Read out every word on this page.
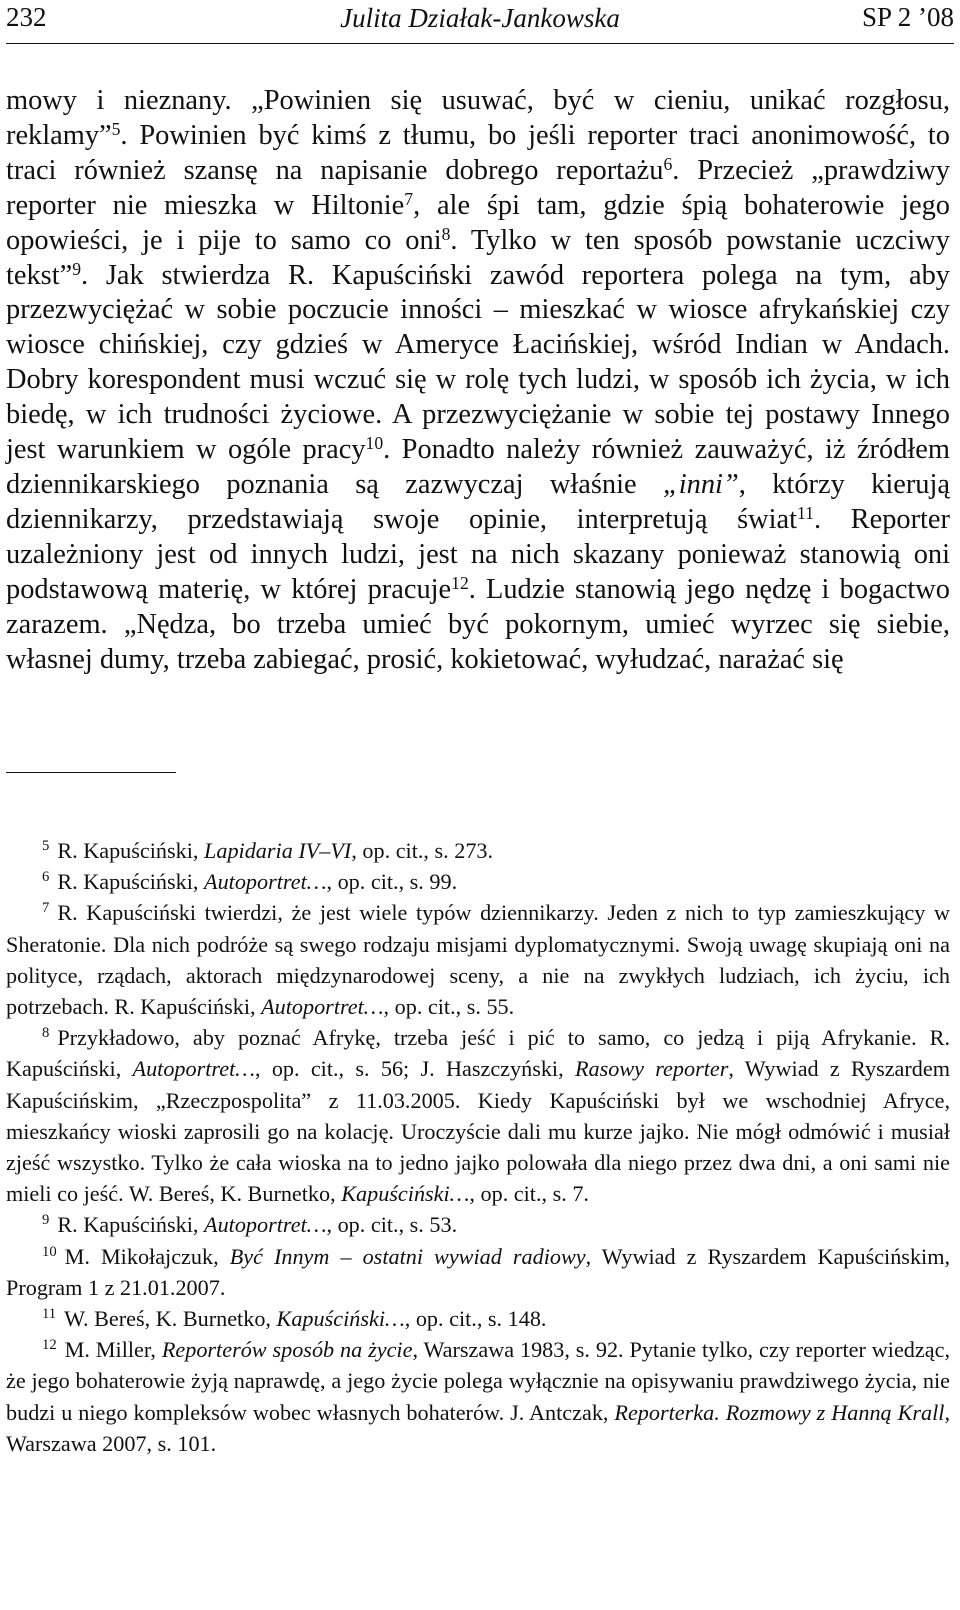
232	Julita Działak-Jankowska	SP 2 ’08

mowy i nieznany. „Powinien się usuwać, być w cieniu, unikać rozgłosu, reklamy”$^5$. Powinien być kimś z tłumu, bo jeśli reporter traci anonimowość, to traci również szansę na napisanie dobrego reportażu$^6$. Przecież „prawdziwy reporter nie mieszka w Hiltonie$^7$, ale śpi tam, gdzie śpią bohaterowie jego opowieści, je i pije to samo co oni$^8$. Tylko w ten sposób powstanie uczciwy tekst”$^9$. Jak stwierdza R. Kapuściński zawód reportera polega na tym, aby przezwyciężać w sobie poczucie inności – mieszkać w wiosce afrykańskiej czy wiosce chińskiej, czy gdzieś w Ameryce Łacińskiej, wśród Indian w Andach. Dobry korespondent musi wczuć się w rolę tych ludzi, w sposób ich życia, w ich biedę, w ich trudności życiowe. A przezwyciężanie w sobie tej postawy Innego jest warunkiem w ogóle pracy$^{10}$. Ponadto należy również zauważyć, iż źródłem dziennikarskiego poznania są zazwyczaj właśnie „inni”, którzy kierują dziennikarzy, przedstawiają swoje opinie, interpretują świat$^{11}$. Reporter uzależniony jest od innych ludzi, jest na nich skazany ponieważ stanowią oni podstawową materię, w której pracuje$^{12}$. Ludzie stanowią jego nędzę i bogactwo zarazem. „Nędza, bo trzeba umieć być pokornym, umieć wyrzec się siebie, własnej dumy, trzeba zabiegać, prosić, kokietować, wyłudzać, narażać się

$^5$ R. Kapuściński, Lapidaria IV–VI, op. cit., s. 273.

$^6$ R. Kapuściński, Autoportret…, op. cit., s. 99.

$^7$ R. Kapuściński twierdzi, że jest wiele typów dziennikarzy. Jeden z nich to typ zamieszkujący w Sheratonie. Dla nich podróże są swego rodzaju misjami dyplomatycznymi. Swoją uwagę skupiają oni na polityce, rządach, aktorach międzynarodowej sceny, a nie na zwykłych ludziach, ich życiu, ich potrzebach. R. Kapuściński, Autoportret…, op. cit., s. 55.

$^8$ Przykładowo, aby poznać Afrykę, trzeba jeść i pić to samo, co jedzą i piją Afrykanie. R. Kapuściński, Autoportret…, op. cit., s. 56; J. Haszczyński, Rasowy reporter, Wywiad z Ryszardem Kapuścińskim, „Rzeczpospolita” z 11.03.2005. Kiedy Kapuściński był we wschodniej Afryce, mieszkańcy wioski zaprosili go na kolację. Uroczyście dali mu kurze jajko. Nie mógł odmówić i musiał zjeść wszystko. Tylko że cała wioska na to jedno jajko polowała dla niego przez dwa dni, a oni sami nie mieli co jeść. W. Bereś, K. Burnetko, Kapuściński…, op. cit., s. 7.

$^9$ R. Kapuściński, Autoportret…, op. cit., s. 53.

$^{10}$ M. Mikołajczuk, Być Innym – ostatni wywiad radiowy, Wywiad z Ryszardem Kapuścińskim, Program 1 z 21.01.2007.

$^{11}$ W. Bereś, K. Burnetko, Kapuściński…, op. cit., s. 148.

$^{12}$ M. Miller, Reporterów sposób na życie, Warszawa 1983, s. 92. Pytanie tylko, czy reporter wiedząc, że jego bohaterowie żyją naprawdę, a jego życie polega wyłącznie na opisywaniu prawdziwego życia, nie budzi u niego kompleksów wobec własnych bohaterów. J. Antczak, Reporterka. Rozmowy z Hanną Krall, Warszawa 2007, s. 101.
